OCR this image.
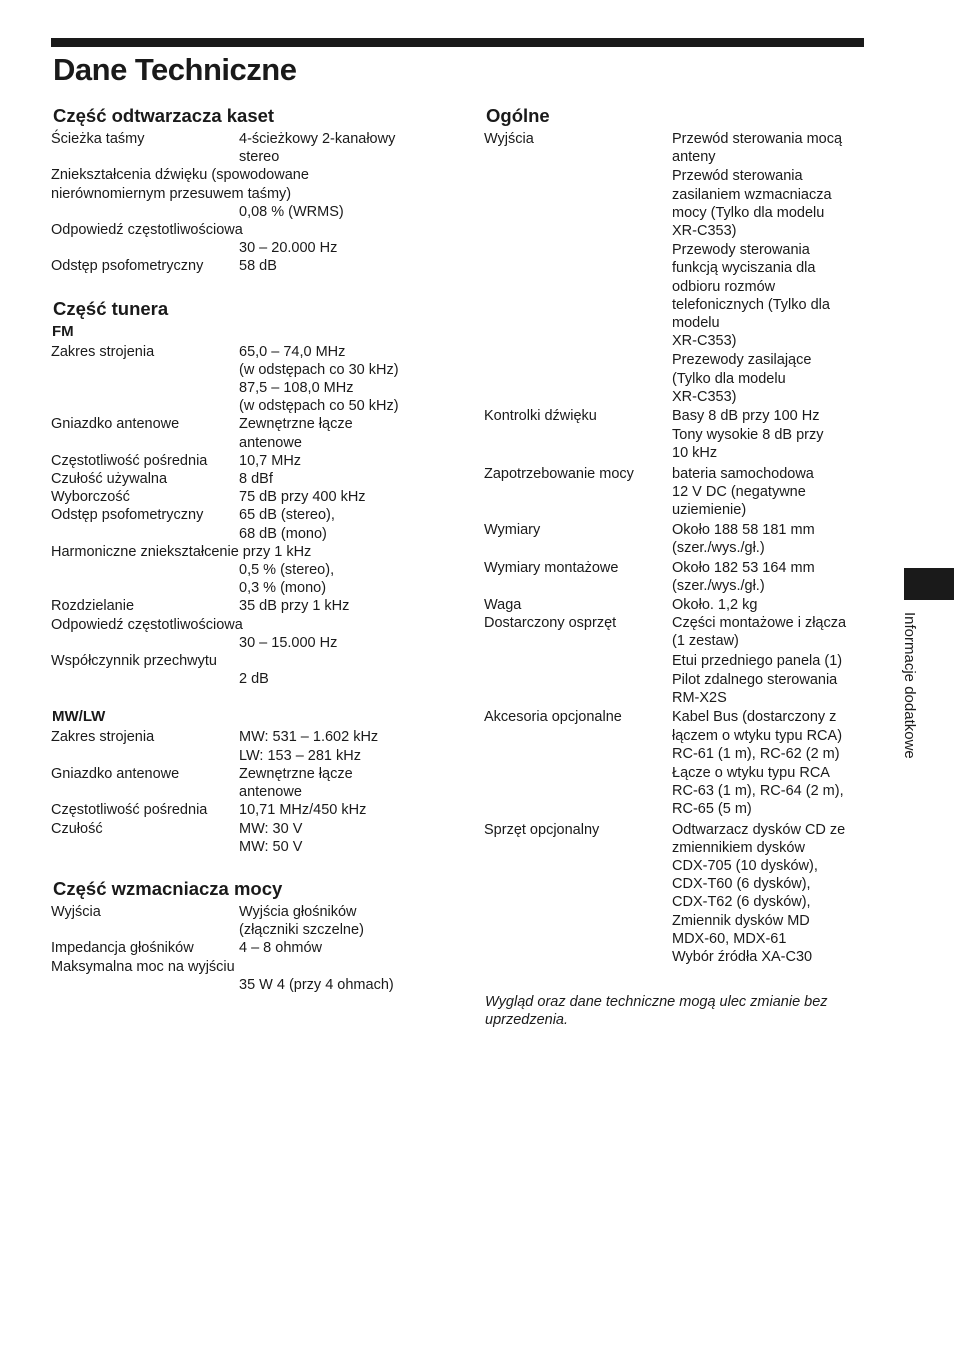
Dane Techniczne
Część odtwarzacza kaset
Ścieżka taśmy	4-ścieżkowy 2-kanałowy
stereo
Zniekształcenia dźwięku (spowodowane
nierównomiernym przesuwem taśmy)
0,08 % (WRMS)
Odpowiedź częstotliwościowa
30 – 20.000 Hz
Odstęp psofometryczny	58 dB
Część tunera
FM
Zakres strojenia	65,0 – 74,0 MHz
(w odstępach co 30 kHz)
87,5 – 108,0 MHz
(w odstępach co 50 kHz)
Gniazdko antenowe	Zewnętrzne łącze
antenowe
Częstotliwość pośrednia	10,7 MHz
Czułość używalna	8 dBf
Wyborczość	75 dB przy 400 kHz
Odstęp psofometryczny	65 dB (stereo),
68 dB (mono)
Harmoniczne zniekształcenie przy 1 kHz
0,5 % (stereo),
0,3 % (mono)
Rozdzielanie	35 dB przy 1 kHz
Odpowiedź częstotliwościowa
30 – 15.000 Hz
Współczynnik przechwytu
2 dB
MW/LW
Zakres strojenia	MW: 531 – 1.602 kHz
LW: 153 – 281 kHz
Gniazdko antenowe	Zewnętrzne łącze
antenowe
Częstotliwość pośrednia	10,71 MHz/450 kHz
Czułość	MW: 30 V
MW: 50 V
Część wzmacniacza mocy
Wyjścia	Wyjścia głośników
(złączniki szczelne)
Impedancja głośników	4 – 8 ohmów
Maksymalna moc na wyjściu
35 W 4 (przy 4 ohmach)
Ogólne
Wyjścia	Przewód sterowania mocą
anteny
Przewód sterowania
zasilaniem wzmacniacza
mocy (Tylko dla modelu
XR-C353)
Przewody sterowania
funkcją wyciszania dla
odbioru rozmów
telefonicznych (Tylko dla
modelu
XR-C353)
Prezewody zasilające
(Tylko dla modelu
XR-C353)
Kontrolki dźwięku	Basy 8 dB przy 100 Hz
Tony wysokie 8 dB przy
10 kHz
Zapotrzebowanie mocy	bateria samochodowa
12 V DC (negatywne
uziemienie)
Wymiary	Około 188 58 181 mm
(szer./wys./gł.)
Wymiary montażowe	Około 182 53 164 mm
(szer./wys./gł.)
Waga	Około. 1,2 kg
Dostarczony osprzęt	Części montażowe i złącza
(1 zestaw)
Etui przedniego panela (1)
Pilot zdalnego sterowania
RM-X2S
Akcesoria opcjonalne	Kabel Bus (dostarczony z
łączem o wtyku typu RCA)
RC-61 (1 m), RC-62 (2 m)
Łącze o wtyku typu RCA
RC-63 (1 m), RC-64 (2 m),
RC-65 (5 m)
Sprzęt opcjonalny	Odtwarzacz dysków CD ze
zmiennikiem dysków
CDX-705 (10 dysków),
CDX-T60 (6 dysków),
CDX-T62 (6 dysków),
Zmiennik dysków MD
MDX-60, MDX-61
Wybór źródła XA-C30
Wygląd oraz dane techniczne mogą ulec zmianie bez uprzedzenia.
Informacje dodatkowe
